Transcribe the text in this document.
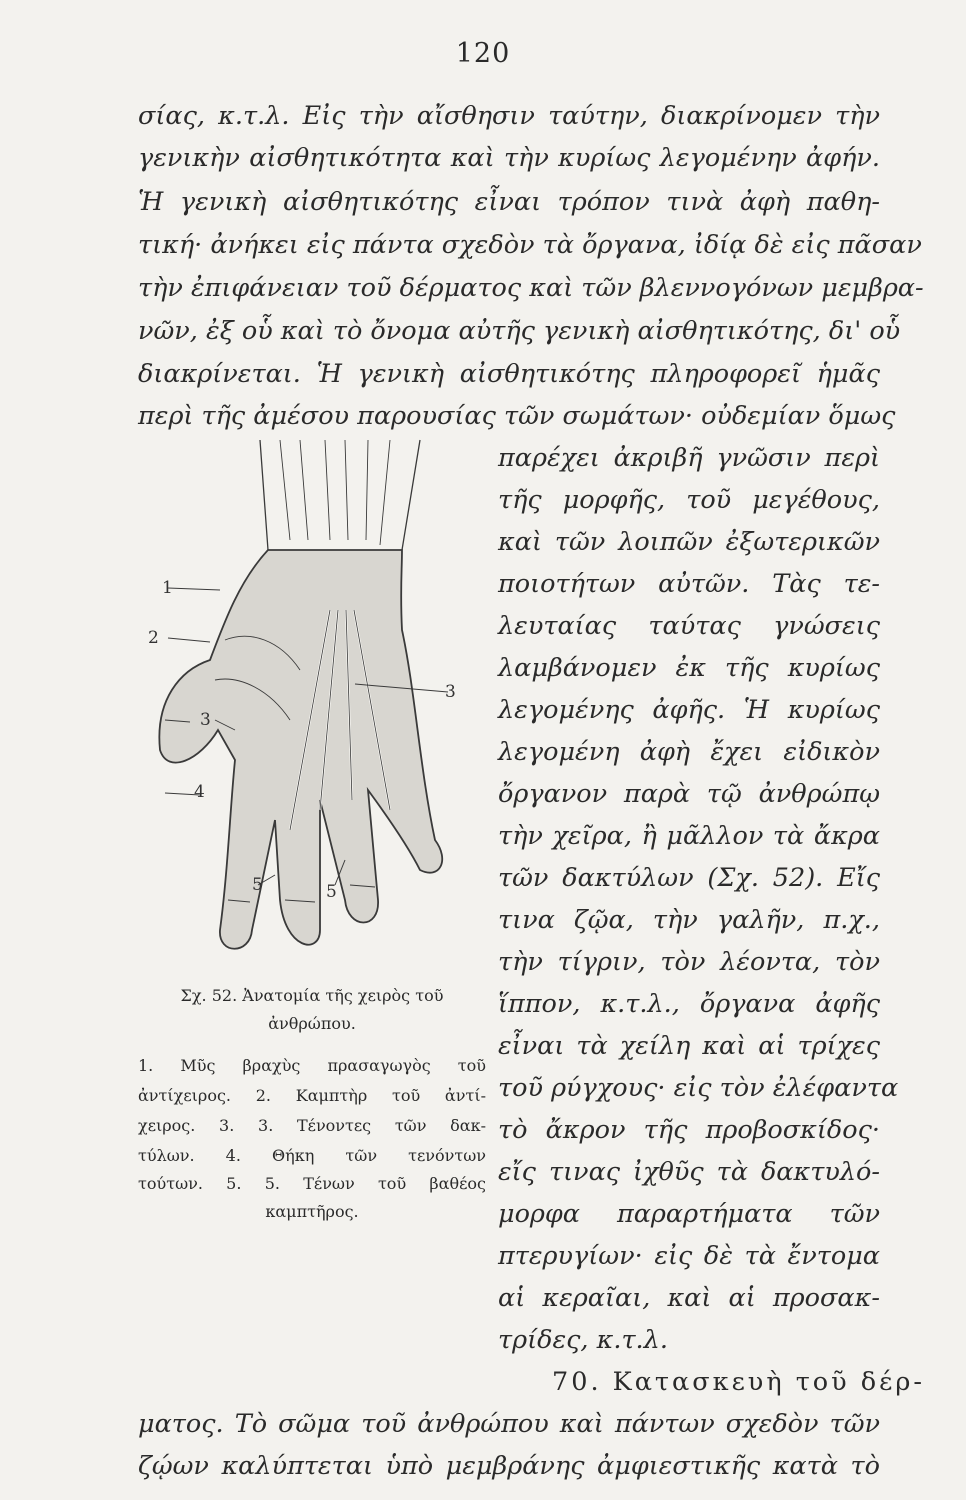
120
σίας, κ.τ.λ. Εἰς τὴν αἴσθησιν ταύτην, διακρίνομεν τὴν
γενικὴν αἰσθητικότητα καὶ τὴν κυρίως λεγομένην ἀφήν.
Ἡ γενικὴ αἰσθητικότης εἶναι τρόπον τινὰ ἀφὴ παθη-
τική· ἀνήκει εἰς πάντα σχεδὸν τὰ ὄργανα, ἰδίᾳ δὲ εἰς πᾶσαν
τὴν ἐπιφάνειαν τοῦ δέρματος καὶ τῶν βλεννογόνων μεμβρα-
νῶν, ἐξ οὗ καὶ τὸ ὄνομα αὐτῆς γενικὴ αἰσθητικότης, δι' οὗ
διακρίνεται. Ἡ γενικὴ αἰσθητικότης πληροφορεῖ ἡμᾶς
περὶ τῆς ἀμέσου παρουσίας τῶν σωμάτων· οὐδεμίαν ὅμως
παρέχει ἀκριβῆ γνῶσιν περὶ
τῆς μορφῆς, τοῦ μεγέθους,
καὶ τῶν λοιπῶν ἐξωτερικῶν
ποιοτήτων αὐτῶν. Τὰς τε-
λευταίας ταύτας γνώσεις
λαμβάνομεν ἐκ τῆς κυρίως
λεγομένης ἀφῆς. Ἡ κυρίως
λεγομένη ἀφὴ ἔχει εἰδικὸν
ὄργανον παρὰ τῷ ἀνθρώπῳ
τὴν χεῖρα, ἢ μᾶλλον τὰ ἄκρα
τῶν δακτύλων (Σχ. 52). Εἴς
τινα ζῷα, τὴν γαλῆν, π.χ.,
τὴν τίγριν, τὸν λέοντα, τὸν
ἵππον, κ.τ.λ., ὄργανα ἀφῆς
εἶναι τὰ χείλη καὶ αἱ τρίχες
τοῦ ρύγχους· εἰς τὸν ἐλέφαντα
τὸ ἄκρον τῆς προβοσκίδος·
εἴς τινας ἰχθῦς τὰ δακτυλό-
μορφα παραρτήματα τῶν
πτερυγίων· εἰς δὲ τὰ ἔντομα
αἱ κεραῖαι, καὶ αἱ προσακ-
τρίδες, κ.τ.λ.
70. Κατασκευὴ τοῦ δέρ-
ματος. Τὸ σῶμα τοῦ ἀνθρώπου καὶ πάντων σχεδὸν τῶν
ζῴων καλύπτεται ὑπὸ μεμβράνης ἀμφιεστικῆς κατὰ τὸ
1
2
3
3
4
5	5
Σχ. 52. Ἀνατομία τῆς χειρὸς τοῦ
ἀνθρώπου.
1. Μῦς βραχὺς πρασαγωγὸς τοῦ
ἀντίχειρος. 2. Καμπτὴρ τοῦ ἀντί-
χειρος. 3. 3. Τένοντες τῶν δακ-
τύλων. 4. Θήκη τῶν τενόντων
τούτων. 5. 5. Τένων τοῦ βαθέος
καμπτῆρος.
